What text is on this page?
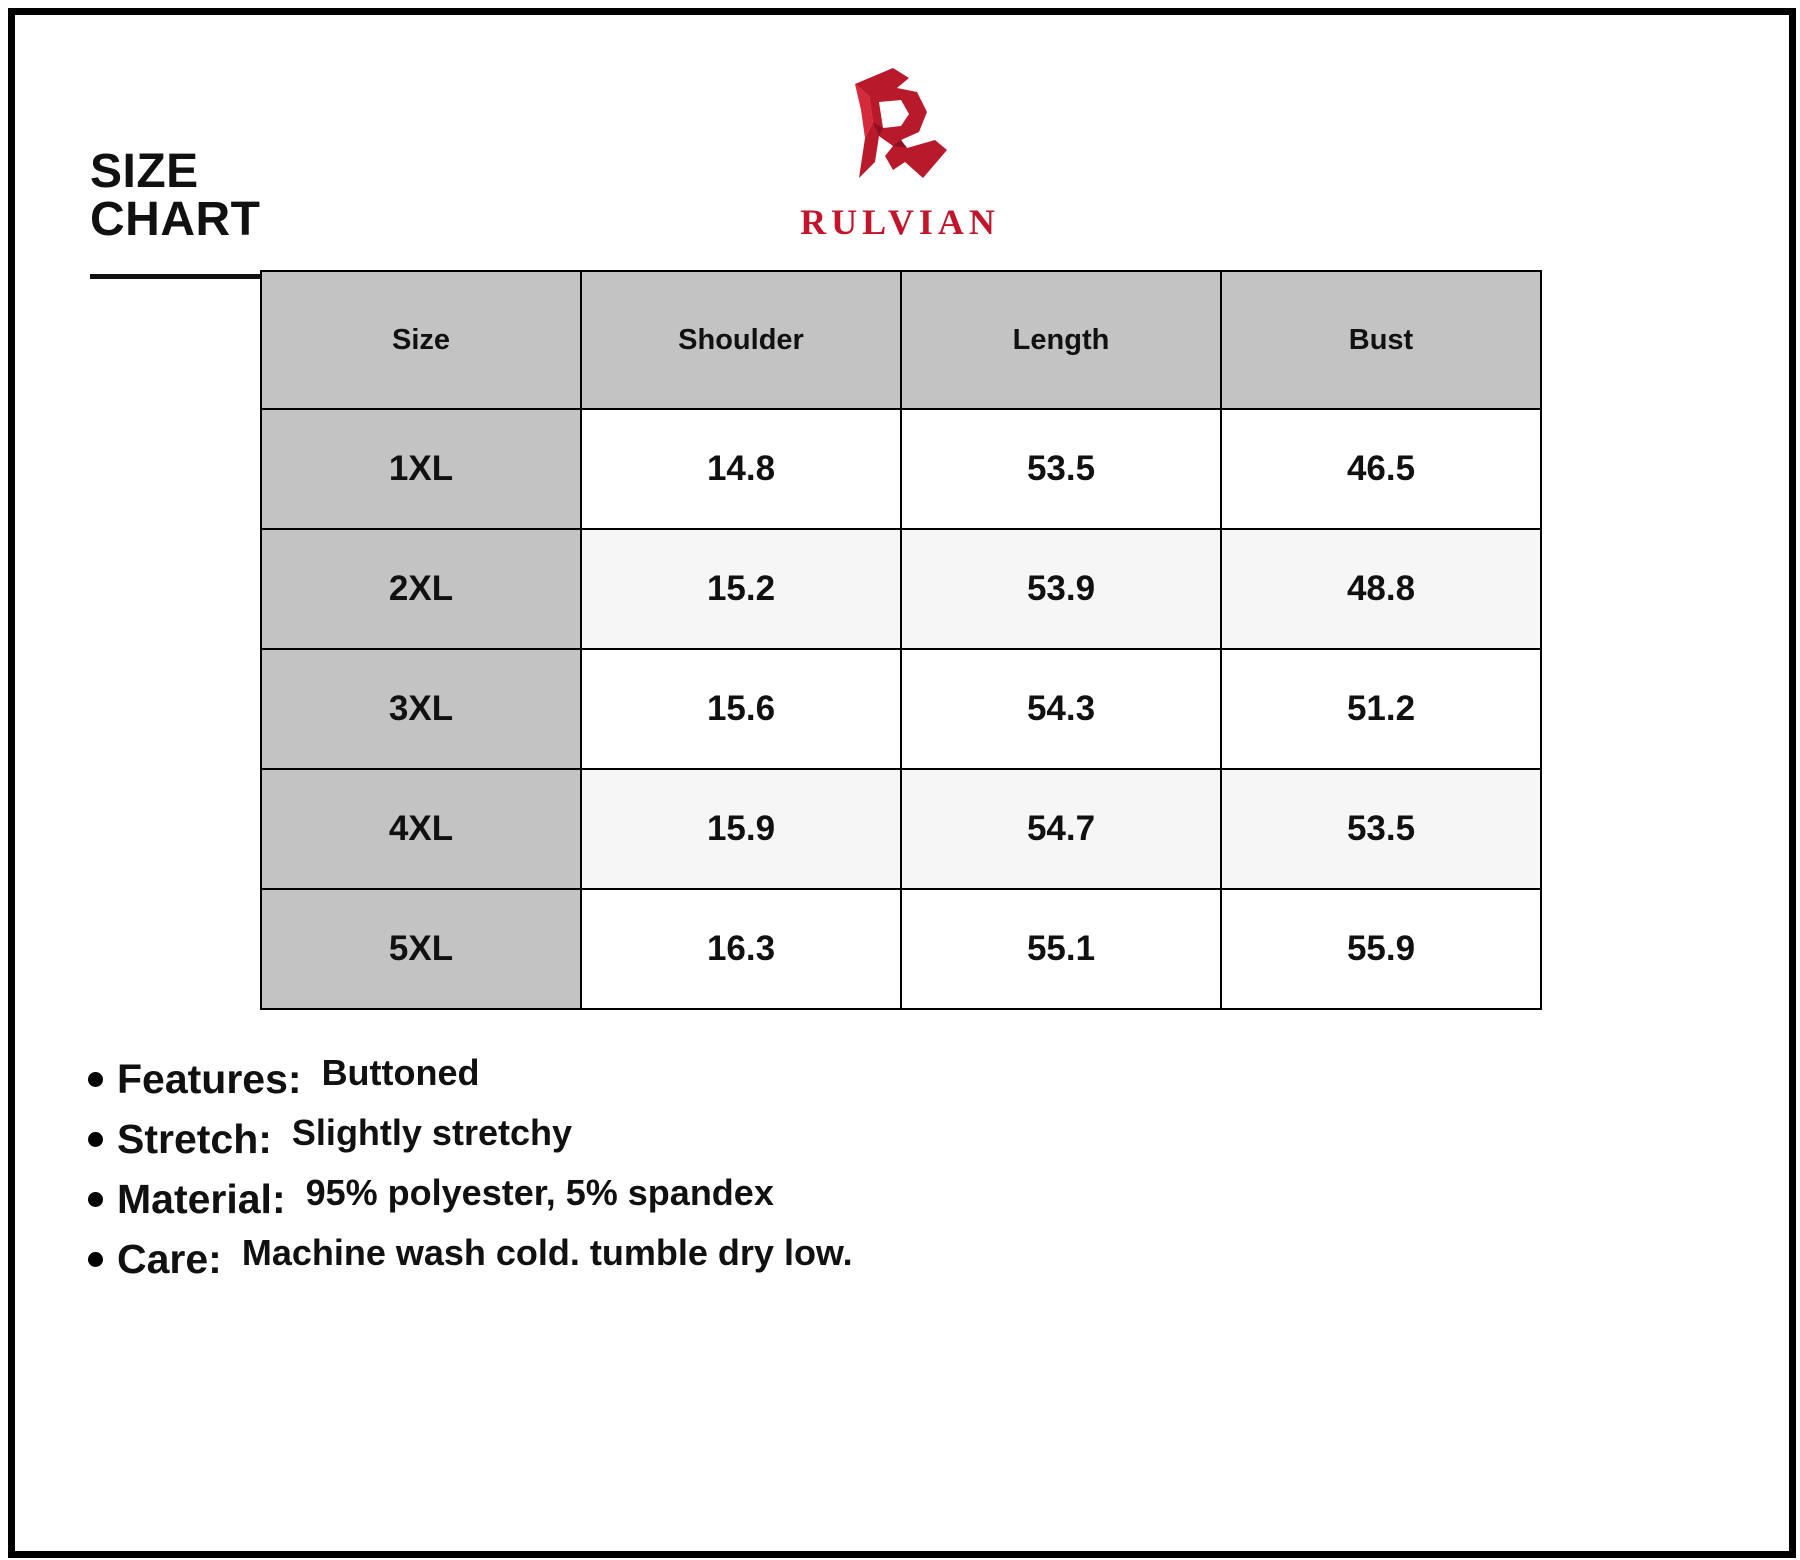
SIZE CHART	RULVIAN
Size	Shoulder	Length	Bust
1XL	14.8	53.5	46.5
2XL	15.2	53.9	48.8
3XL	15.6	54.3	51.2
4XL	15.9	54.7	53.5
5XL	16.3	55.1	55.9
Features: Buttoned
Stretch: Slightly stretchy
Material: 95% polyester, 5% spandex
Care: Machine wash cold. tumble dry low.
